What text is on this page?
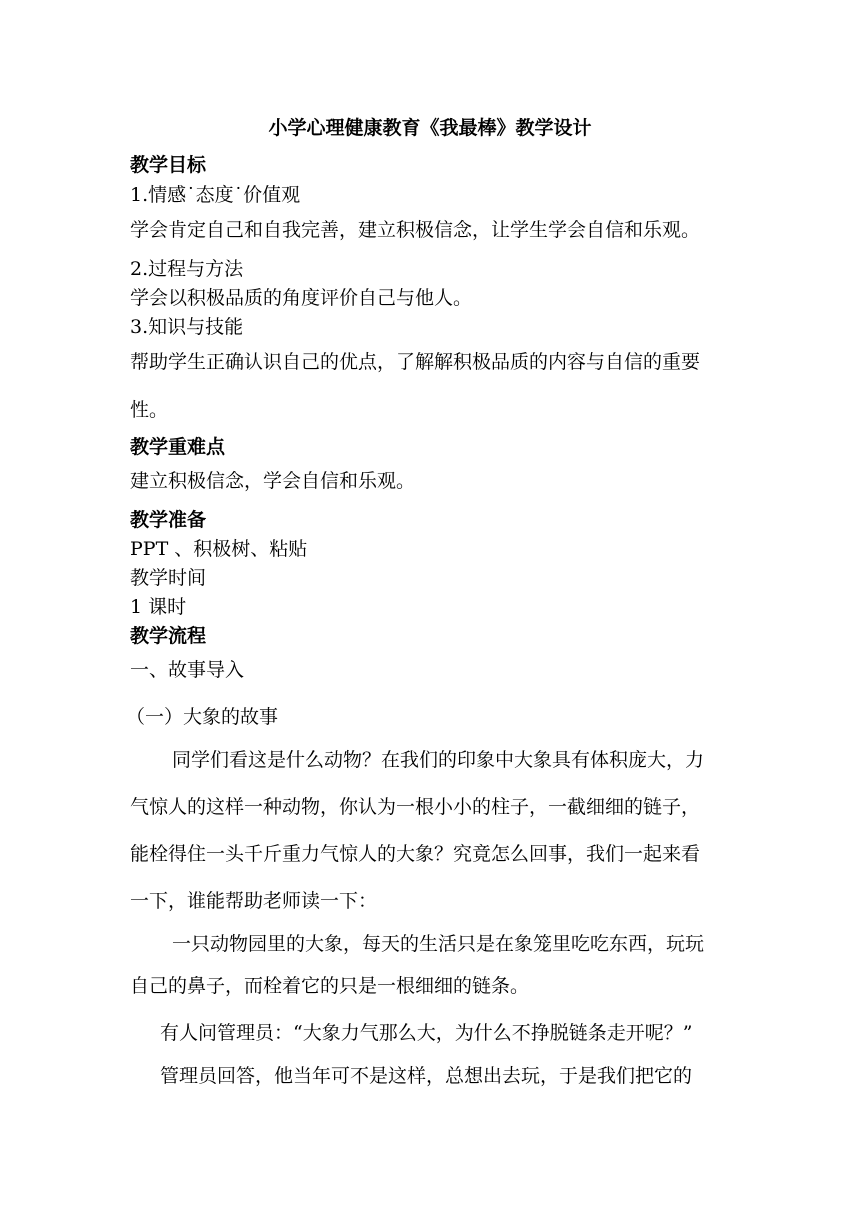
小学心理健康教育《我最棒》教学设计
教学目标
1.情感˙态度˙价值观
学会肯定自己和自我完善，建立积极信念，让学生学会自信和乐观。
2.过程与方法
学会以积极品质的角度评价自己与他人。
3.知识与技能
帮助学生正确认识自己的优点，了解解积极品质的内容与自信的重要
性。
教学重难点
建立积极信念，学会自信和乐观。
教学准备
PPT 、积极树、粘贴
教学时间
1 课时
教学流程
一、故事导入
（一）大象的故事
同学们看这是什么动物？在我们的印象中大象具有体积庞大，力
气惊人的这样一种动物，你认为一根小小的柱子，一截细细的链子，
能栓得住一头千斤重力气惊人的大象？究竟怎么回事，我们一起来看
一下，谁能帮助老师读一下：
一只动物园里的大象，每天的生活只是在象笼里吃吃东西，玩玩
自己的鼻子，而栓着它的只是一根细细的链条。
有人问管理员：“大象力气那么大，为什么不挣脱链条走开呢？”
管理员回答，他当年可不是这样，总想出去玩，于是我们把它的
